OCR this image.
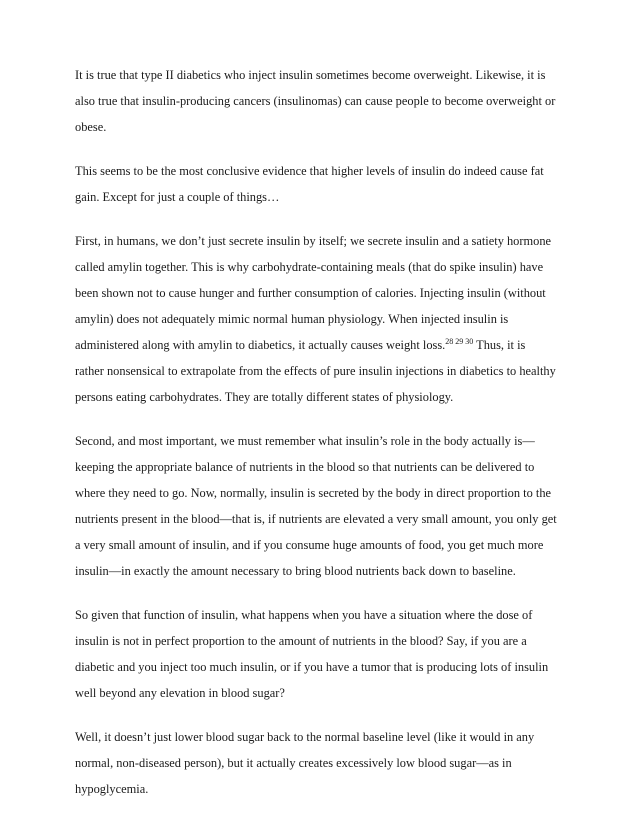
It is true that type II diabetics who inject insulin sometimes become overweight. Likewise, it is
also true that insulin-producing cancers (insulinomas) can cause people to become overweight or
obese.

This seems to be the most conclusive evidence that higher levels of insulin do indeed cause fat
gain. Except for just a couple of things…

First, in humans, we don’t just secrete insulin by itself; we secrete insulin and a satiety hormone
called amylin together. This is why carbohydrate-containing meals (that do spike insulin) have
been shown not to cause hunger and further consumption of calories. Injecting insulin (without
amylin) does not adequately mimic normal human physiology. When injected insulin is
administered along with amylin to diabetics, it actually causes weight loss.$^{28 29 30}$ Thus, it is
rather nonsensical to extrapolate from the effects of pure insulin injections in diabetics to healthy
persons eating carbohydrates. They are totally different states of physiology.

Second, and most important, we must remember what insulin’s role in the body actually is—
keeping the appropriate balance of nutrients in the blood so that nutrients can be delivered to
where they need to go. Now, normally, insulin is secreted by the body in direct proportion to the
nutrients present in the blood—that is, if nutrients are elevated a very small amount, you only get
a very small amount of insulin, and if you consume huge amounts of food, you get much more
insulin—in exactly the amount necessary to bring blood nutrients back down to baseline.

So given that function of insulin, what happens when you have a situation where the dose of
insulin is not in perfect proportion to the amount of nutrients in the blood? Say, if you are a
diabetic and you inject too much insulin, or if you have a tumor that is producing lots of insulin
well beyond any elevation in blood sugar?

Well, it doesn’t just lower blood sugar back to the normal baseline level (like it would in any
normal, non-diseased person), but it actually creates excessively low blood sugar—as in
hypoglycemia.
